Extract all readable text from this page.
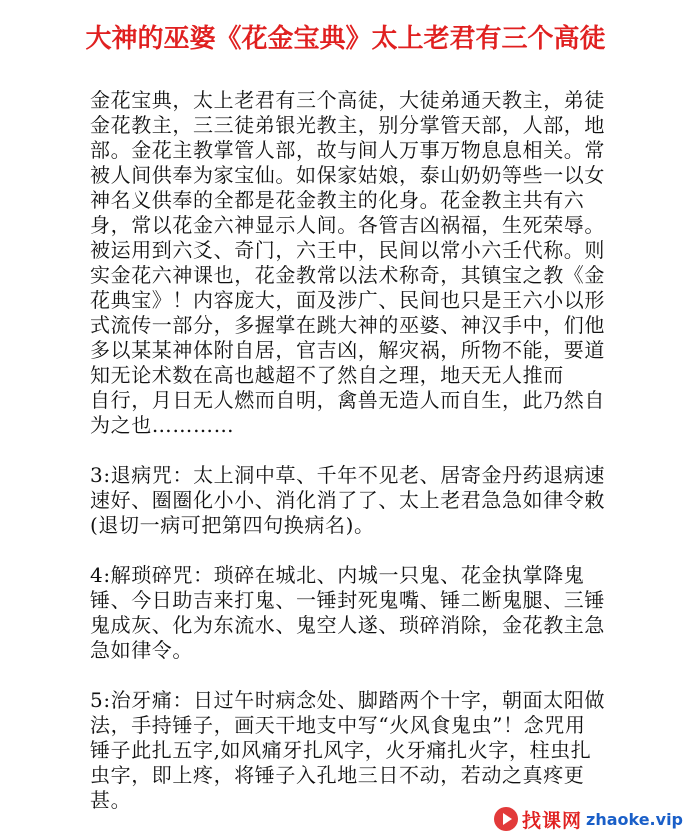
大神的巫婆《花金宝典》太上老君有三个高徒
金花宝典，太上老君有三个高徒，大徒弟通天教主，弟徒
金花教主，三三徒弟银光教主，别分掌管天部，人部，地
部。金花主教掌管人部，故与间人万事万物息息相关。常
被人间供奉为家宝仙。如保家姑娘，泰山奶奶等些一以女
神名义供奉的全都是花金教主的化身。花金教主共有六
身，常以花金六神显示人间。各管吉凶祸福，生死荣辱。
被运用到六爻、奇门，六王中，民间以常小六壬代称。则
实金花六神课也，花金教常以法术称奇，其镇宝之教《金
花典宝》！内容庞大，面及涉广、民间也只是王六小以形
式流传一部分，多握掌在跳大神的巫婆、神汉手中，们他
多以某某神体附自居，官吉凶，解灾祸，所物不能，要道
知无论术数在高也越超不了然自之理，地天无人推而
自行，月日无人燃而自明，禽兽无造人而自生，此乃然自
为之也…………
3:退病咒：太上洞中草、千年不见老、居寄金丹药退病速
速好、圈圈化小小、消化消了了、太上老君急急如律令敕
(退切一病可把第四句换病名)。
4:解琐碎咒：琐碎在城北、内城一只鬼、花金执掌降鬼
锤、今日助吉来打鬼、一锤封死鬼嘴、锤二断鬼腿、三锤
鬼成灰、化为东流水、鬼空人遂、琐碎消除，金花教主急
急如律令。
5:治牙痛：日过午时病念处、脚踏两个十字，朝面太阳做
法，手持锤子，画天干地支中写“火风食鬼虫”！念咒用
锤子此扎五字,如风痛牙扎风字，火牙痛扎火字，柱虫扎
虫字，即上疼，将锤子入孔地三日不动，若动之真疼更
甚。
找课网 zhaoke.vip
